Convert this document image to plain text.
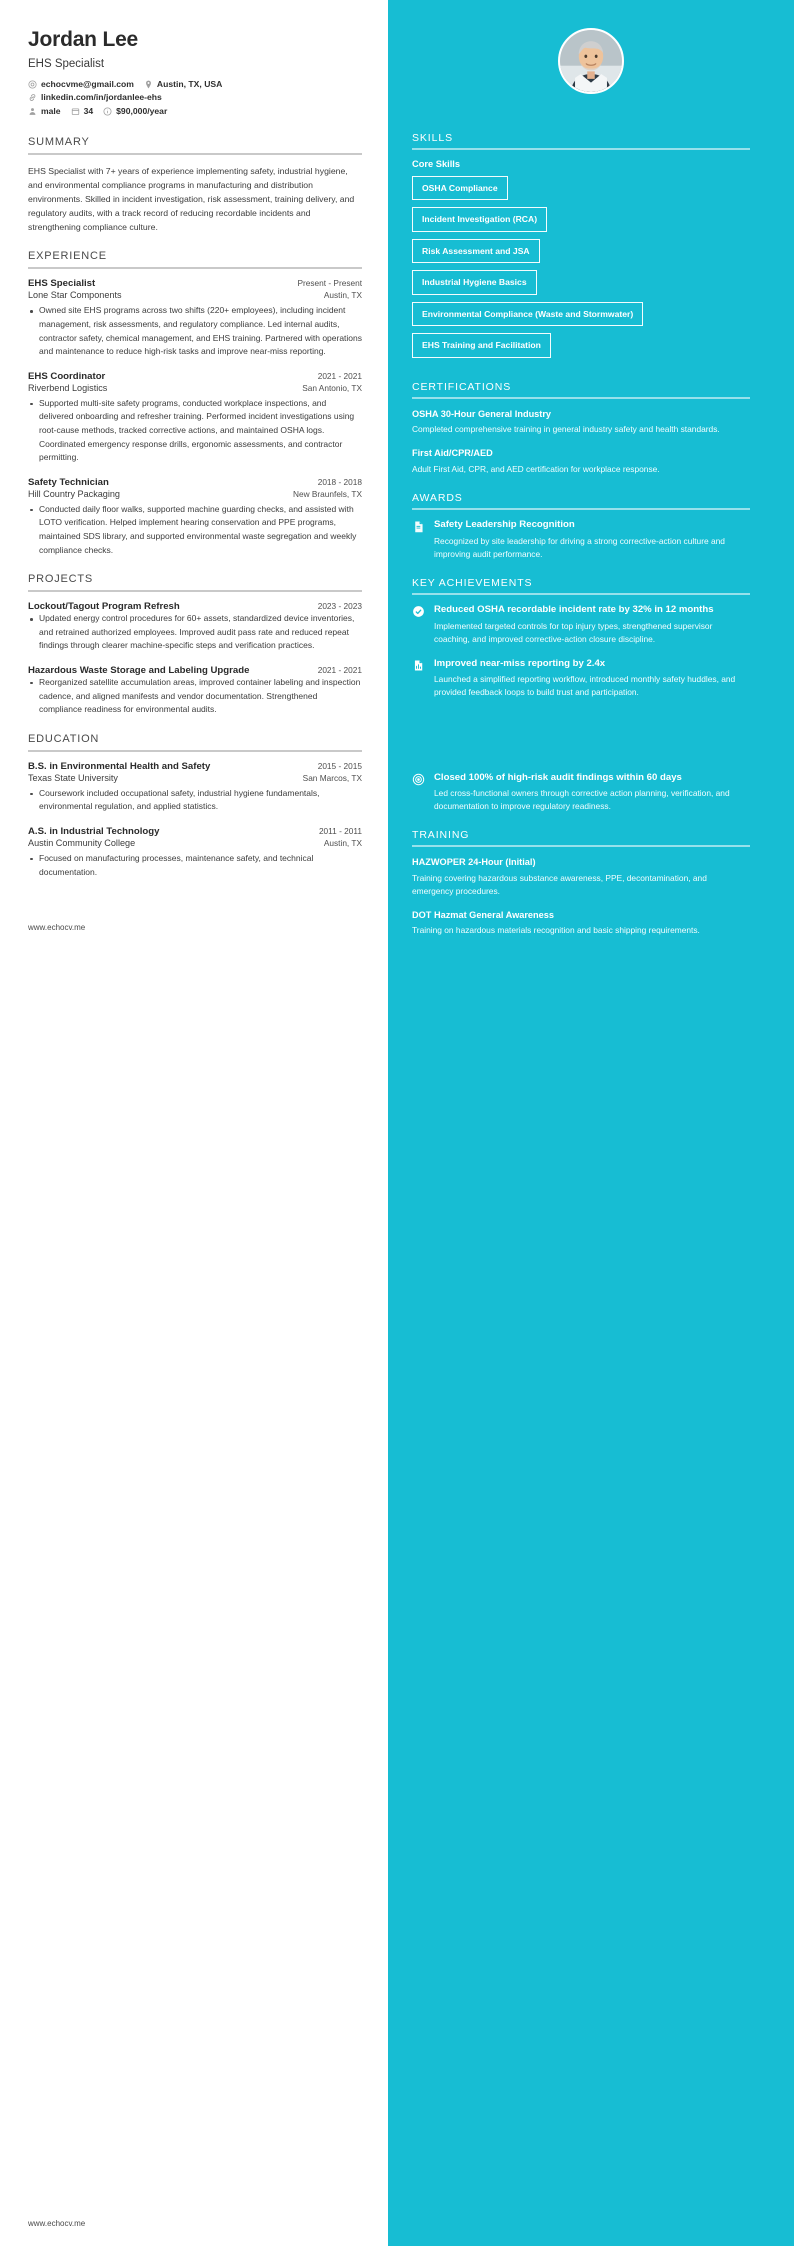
Jordan Lee
EHS Specialist
echocvme@gmail.com	Austin, TX, USA
linkedin.com/in/jordanlee-ehs
male	34	$90,000/year
SUMMARY
EHS Specialist with 7+ years of experience implementing safety, industrial hygiene, and environmental compliance programs in manufacturing and distribution environments. Skilled in incident investigation, risk assessment, training delivery, and regulatory audits, with a track record of reducing recordable incidents and strengthening compliance culture.
EXPERIENCE
EHS Specialist	Present - Present
Lone Star Components	Austin, TX
Owned site EHS programs across two shifts (220+ employees), including incident management, risk assessments, and regulatory compliance. Led internal audits, contractor safety, chemical management, and EHS training. Partnered with operations and maintenance to reduce high-risk tasks and improve near-miss reporting.
EHS Coordinator	2021 - 2021
Riverbend Logistics	San Antonio, TX
Supported multi-site safety programs, conducted workplace inspections, and delivered onboarding and refresher training. Performed incident investigations using root-cause methods, tracked corrective actions, and maintained OSHA logs. Coordinated emergency response drills, ergonomic assessments, and contractor permitting.
Safety Technician	2018 - 2018
Hill Country Packaging	New Braunfels, TX
Conducted daily floor walks, supported machine guarding checks, and assisted with LOTO verification. Helped implement hearing conservation and PPE programs, maintained SDS library, and supported environmental waste segregation and weekly compliance checks.
PROJECTS
Lockout/Tagout Program Refresh	2023 - 2023
Updated energy control procedures for 60+ assets, standardized device inventories, and retrained authorized employees. Improved audit pass rate and reduced repeat findings through clearer machine-specific steps and verification practices.
Hazardous Waste Storage and Labeling Upgrade	2021 - 2021
Reorganized satellite accumulation areas, improved container labeling and inspection cadence, and aligned manifests and vendor documentation. Strengthened compliance readiness for environmental audits.
EDUCATION
B.S. in Environmental Health and Safety	2015 - 2015
Texas State University	San Marcos, TX
Coursework included occupational safety, industrial hygiene fundamentals, environmental regulation, and applied statistics.
A.S. in Industrial Technology	2011 - 2011
Austin Community College	Austin, TX
Focused on manufacturing processes, maintenance safety, and technical documentation.
www.echocv.me
SKILLS
Core Skills
OSHA Compliance
Incident Investigation (RCA)
Risk Assessment and JSA
Industrial Hygiene Basics
Environmental Compliance (Waste and Stormwater)
EHS Training and Facilitation
CERTIFICATIONS
OSHA 30-Hour General Industry
Completed comprehensive training in general industry safety and health standards.
First Aid/CPR/AED
Adult First Aid, CPR, and AED certification for workplace response.
AWARDS
Safety Leadership Recognition
Recognized by site leadership for driving a strong corrective-action culture and improving audit performance.
KEY ACHIEVEMENTS
Reduced OSHA recordable incident rate by 32% in 12 months
Implemented targeted controls for top injury types, strengthened supervisor coaching, and improved corrective-action closure discipline.
Improved near-miss reporting by 2.4x
Launched a simplified reporting workflow, introduced monthly safety huddles, and provided feedback loops to build trust and participation.
Closed 100% of high-risk audit findings within 60 days
Led cross-functional owners through corrective action planning, verification, and documentation to improve regulatory readiness.
TRAINING
HAZWOPER 24-Hour (Initial)
Training covering hazardous substance awareness, PPE, decontamination, and emergency procedures.
DOT Hazmat General Awareness
Training on hazardous materials recognition and basic shipping requirements.
www.echocv.me
